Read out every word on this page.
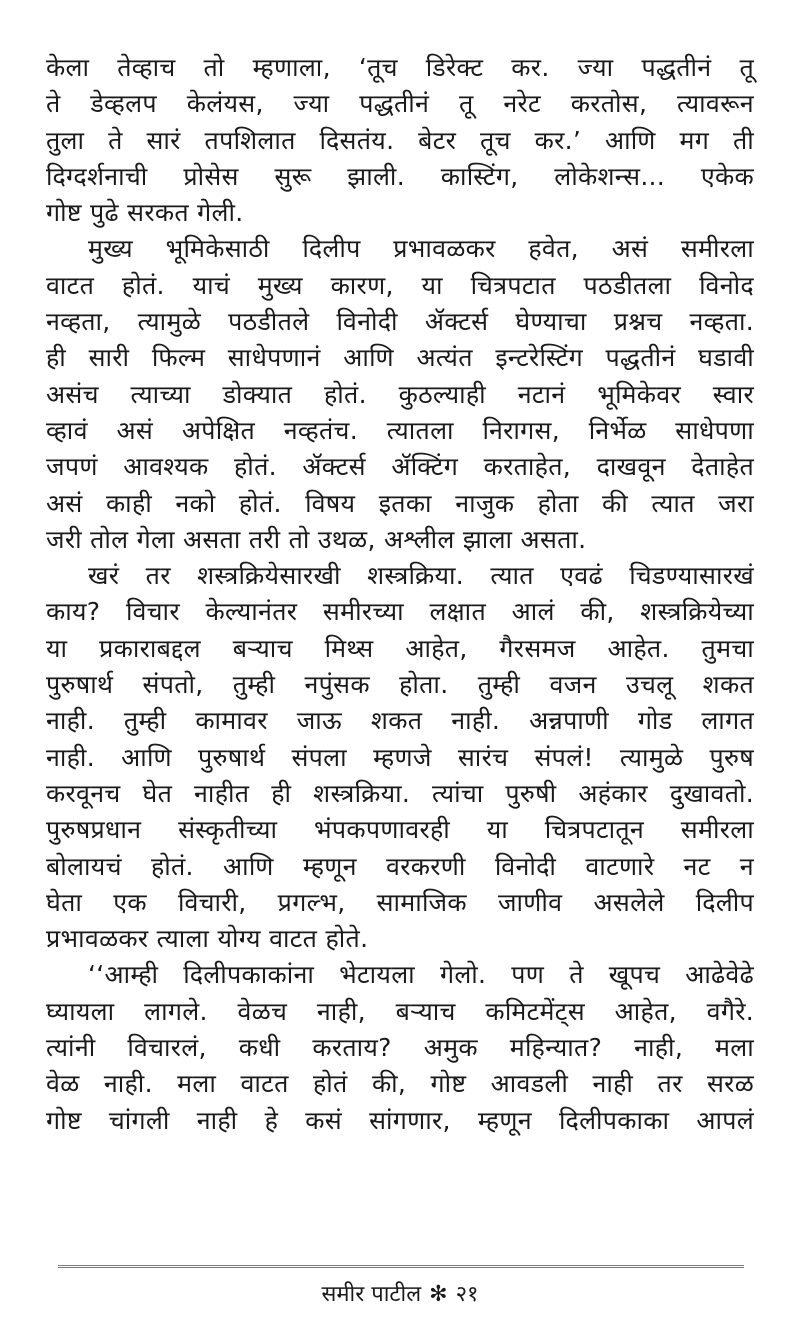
केला तेव्हाच तो म्हणाला, ‘तूच डिरेक्ट कर. ज्या पद्धतीनं तू
ते डेव्हलप केलंयस, ज्या पद्धतीनं तू नरेट करतोस, त्यावरून
तुला ते सारं तपशिलात दिसतंय. बेटर तूच कर.’ आणि मग ती
दिग्दर्शनाची प्रोसेस सुरू झाली. कास्टिंग, लोकेशन्स... एकेक
गोष्ट पुढे सरकत गेली.
मुख्य भूमिकेसाठी दिलीप प्रभावळकर हवेत, असं समीरला
वाटत होतं. याचं मुख्य कारण, या चित्रपटात पठडीतला विनोद
नव्हता, त्यामुळे पठडीतले विनोदी ॲक्टर्स घेण्याचा प्रश्नच नव्हता.
ही सारी फिल्म साधेपणानं आणि अत्यंत इन्टरेस्टिंग पद्धतीनं घडावी
असंच त्याच्या डोक्यात होतं. कुठल्याही नटानं भूमिकेवर स्वार
व्हावं असं अपेक्षित नव्हतंच. त्यातला निरागस, निर्भेळ साधेपणा
जपणं आवश्यक होतं. ॲक्टर्स ॲक्टिंग करताहेत, दाखवून देताहेत
असं काही नको होतं. विषय इतका नाजुक होता की त्यात जरा
जरी तोल गेला असता तरी तो उथळ, अश्लील झाला असता.
खरं तर शस्त्रक्रियेसारखी शस्त्रक्रिया. त्यात एवढं चिडण्यासारखं
काय? विचार केल्यानंतर समीरच्या लक्षात आलं की, शस्त्रक्रियेच्या
या प्रकाराबद्दल बऱ्याच मिथ्स आहेत, गैरसमज आहेत. तुमचा
पुरुषार्थ संपतो, तुम्ही नपुंसक होता. तुम्ही वजन उचलू शकत
नाही. तुम्ही कामावर जाऊ शकत नाही. अन्नपाणी गोड लागत
नाही. आणि पुरुषार्थ संपला म्हणजे सारंच संपलं! त्यामुळे पुरुष
करवूनच घेत नाहीत ही शस्त्रक्रिया. त्यांचा पुरुषी अहंकार दुखावतो.
पुरुषप्रधान संस्कृतीच्या भंपकपणावरही या चित्रपटातून समीरला
बोलायचं होतं. आणि म्हणून वरकरणी विनोदी वाटणारे नट न
घेता एक विचारी, प्रगल्भ, सामाजिक जाणीव असलेले दिलीप
प्रभावळकर त्याला योग्य वाटत होते.
‘‘आम्ही दिलीपकाकांना भेटायला गेलो. पण ते खूपच आढेवेढे
घ्यायला लागले. वेळच नाही, बऱ्याच कमिटमेंट्स आहेत, वगैरे.
त्यांनी विचारलं, कधी करताय? अमुक महिन्यात? नाही, मला
वेळ नाही. मला वाटत होतं की, गोष्ट आवडली नाही तर सरळ
गोष्ट चांगली नाही हे कसं सांगणार, म्हणून दिलीपकाका आपलं
समीर पाटील ✻ २१
